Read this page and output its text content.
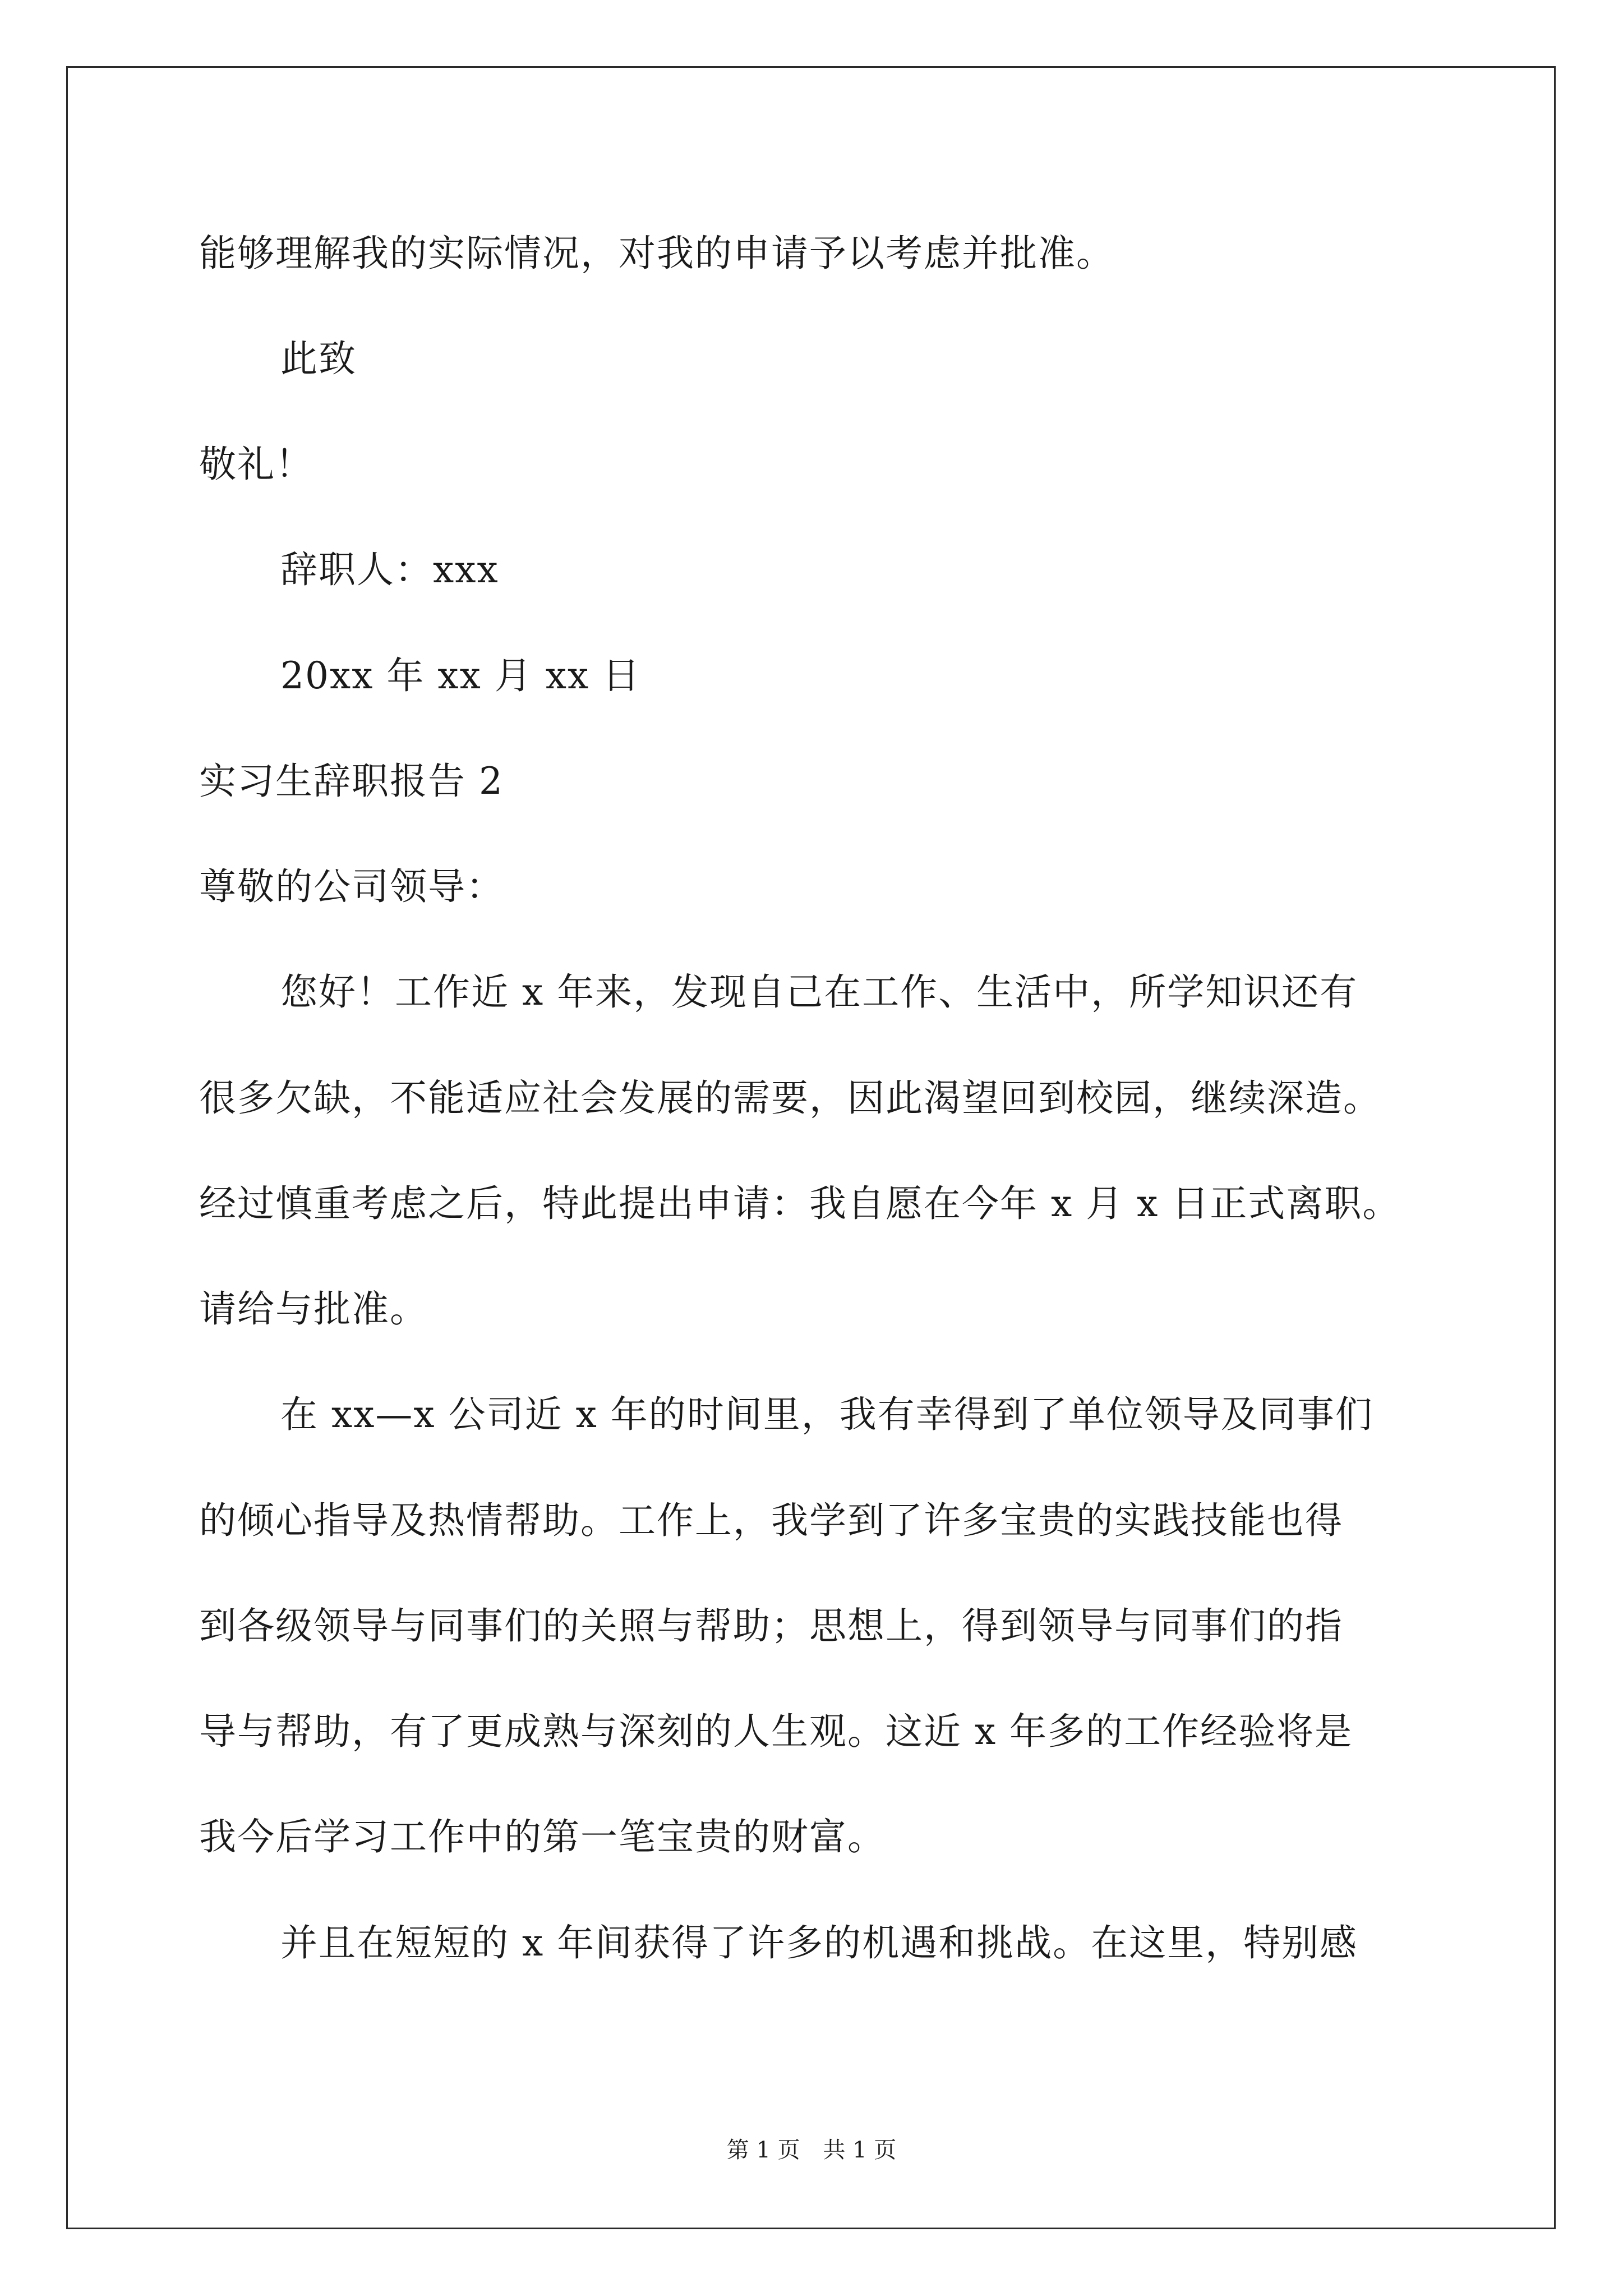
能够理解我的实际情况，对我的申请予以考虑并批准。
此致
敬礼！
辞职人：xxx
20xx 年 xx 月 xx 日
实习生辞职报告 2
尊敬的公司领导：
您好！工作近 x 年来，发现自己在工作、生活中，所学知识还有
很多欠缺，不能适应社会发展的需要，因此渴望回到校园，继续深造。
经过慎重考虑之后，特此提出申请：我自愿在今年 x 月 x 日正式离职。
请给与批准。
在 xx—x 公司近 x 年的时间里，我有幸得到了单位领导及同事们
的倾心指导及热情帮助。工作上，我学到了许多宝贵的实践技能也得
到各级领导与同事们的关照与帮助；思想上，得到领导与同事们的指
导与帮助，有了更成熟与深刻的人生观。这近 x 年多的工作经验将是
我今后学习工作中的第一笔宝贵的财富。
并且在短短的 x 年间获得了许多的机遇和挑战。在这里，特别感
第 1 页 共 1 页
